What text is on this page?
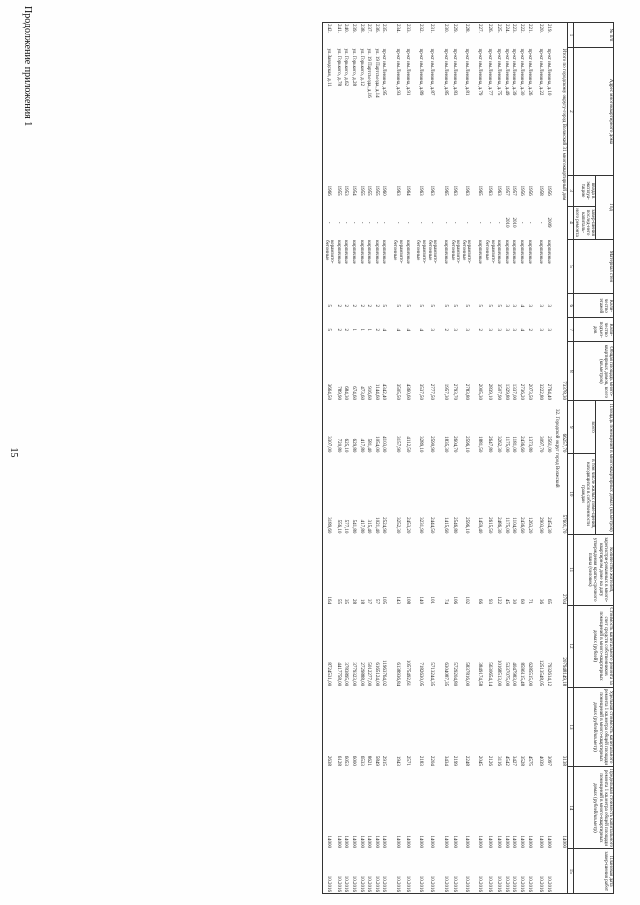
Продолжение приложения 1
15
№ п/п	Адрес многоквартирного дома	Год		Материал стен	Коли-чество этажей	Коли-чество подъез-дов	Общая площадь много-квартирных домов, всего (кв.метров)	Площадь помещений в многоквартирных домах (кв.метров)		Количество жителей, зарегистри-рованных в много-квартирном доме на дату утверждения кратко-срочного плана (человек)	Стоимость капитального ремонта за счет средств собственников помещений в много-квартирных домах (рублей)	Удельная стоимость капитального ремонта 1 кв.метра общей площади помещений в много-квартирных домах (рублей/кв.метр)	Предельная стоимость капитального ремонта 1 кв.метра общей площади помещений в много-квартирных домах (рублей/кв.метр)	Плановая дата завер-шения работ
		ввода в эксплуа-тацию	завер-шения послед-него капиталь-ного ремонта					всего	в том числе жилых поме-щений, находящихся в собственности граждан					
1	2	3	4	5	6	7	8	9	10	11	12	13	14	15
	Итого по городскому округу-город Волжский 31 многоквартирный дом						73378,30	66257,70	57601,70	2704	207948149,18	3138	14000	
	32. Городской округ город Волжский													
219.	пр-кт им.Ленина, д.10	1956	2009	кирпичные	3	3	2764,40	2561,00	2454,30	65	7932614,12	3097	14000	10.2016
220.	пр-кт им.Ленина, д.22	1958	-	кирпичные	3	3	3222,80	3097,70	2903,90	36	12513548,05	4039	14000	10.2016

221.	пр-кт им.Ленина, д.26	1956	-	кирпичные	3	2	2073,50	1373,80	1263,20	71	6285515,00	4575	14000	10.2016
222.	пр-кт им.Ленина, д.30	1956	-	кирпичные	4	4	2736,20	2436,60	2436,60	60	8596115,48	3528	14000	10.2016
223.	пр-кт им.Ленина, д.39	1957	2010	кирпичные	3	3	1337,00	1181,00	1104,90	30	4047983,00	3427	14000	10.2016
224.	пр-кт им.Ленина, д.49	1957	2010	кирпичные	3	3	1329,80	1175,00	1175,00	45	5337075,00	4542	14000	10.2016
225.	пр-кт им.Ленина, д.75	1963	-	кирпичные	5	3	3507,90	3262,30	2486,30	122	10168513,00	3116	14000	10.2016
226.	пр-кт им.Ленина, д.77	1963	-	керамзито-
бетонные	5	3	2839,10	2647,80	2615,50	93	5630654,14	2126	14000	10.2016
227.	пр-кт им.Ленина, д.79	1965	-	кирпичные	5	2	2005,30	1881,50	1459,40	66	3849174,58	2045	14000	10.2016

228.	пр-кт им.Ленина, д.81	1963	-	керамзито-
бетонные	5	3	2783,80	2596,10	2596,10	102	5837816,00	2248	14000	10.2016
229.	пр-кт им.Ленина, д.83	1963	-	керамзито-
бетонные	5	3	2793,70	2604,70	2546,80	106	5729204,80	2199	14000	10.2016
230.	пр-кт им.Ленина, д.85	1965	-	кирпичные	5	2	1957,30	1835,30	1415,60	74	6304087,35	3434	14000	10.2016

231.	пр-кт им.Ленина, д.87	1963	-	керамзито-
бетонные	5	3	2777,50	2590,90	2444,50	101	5713244,35	2204	14000	10.2016
232.	пр-кт им.Ленина, д.89	1963	-	керамзито-
бетонные	5	4	3537,50	3289,10	3231,90	140	7182630,05	2183	14000	10.2016

233.	пр-кт им.Ленина, д.91	1964	-	кирпичные	5	4	4360,60	4112,50	2453,20	108	10575492,61	2571	14000	10.2016
234.	пр-кт им.Ленина, д.93	1963	-	керамзито-
бетонные	5	4	3505,50	3157,90	3252,30	143	6138936,84	1943	14000	10.2016

235.	пр-кт им.Ленина, д.95	1960	-	кирпичные	5	4	4342,40	4103,00	2524,90	105	11963764,02	2915	14000	10.2016
236.	ул. 19 Партсъезда, д.14	1955	-	кирпичные	2	2	1144,60	1054,00	1021,40	57	6165124,00	5849	14000	10.2016
237.	ул. 19 Партсъезда, д.16	1955	-	кирпичные	2	1	916,60	581,40	315,40	37	5012277,00	8621	14000	10.2016
238.	ул. Горького, д.12	1955	-	кирпичные	2	1	473,60	417,80	417,80	18	2729888,00	6533	14000	10.2016
239.	ул. Горького, д.28	1954	-	кирпичные	2	1	674,60	629,80	541,80	28	3779323,00	6000	14000	10.2016
240.	ул. Горького, д.62	1953	-	кирпичные	2	2	684,30	625,10	577,10	35	3783895,00	6053	14000	10.2016
241.	ул. Горького, д.78	1955	-	кирпичные	2	2	789,90	720,80	556,10	55	4417758,00	6128	14000	10.2016
242.	ул.Заводская, д.11	1966	-	керамзито-
бетонные	5	5	3664,50	3307,00	3189,60	164	8724531,00	2638	14000	10.2016
